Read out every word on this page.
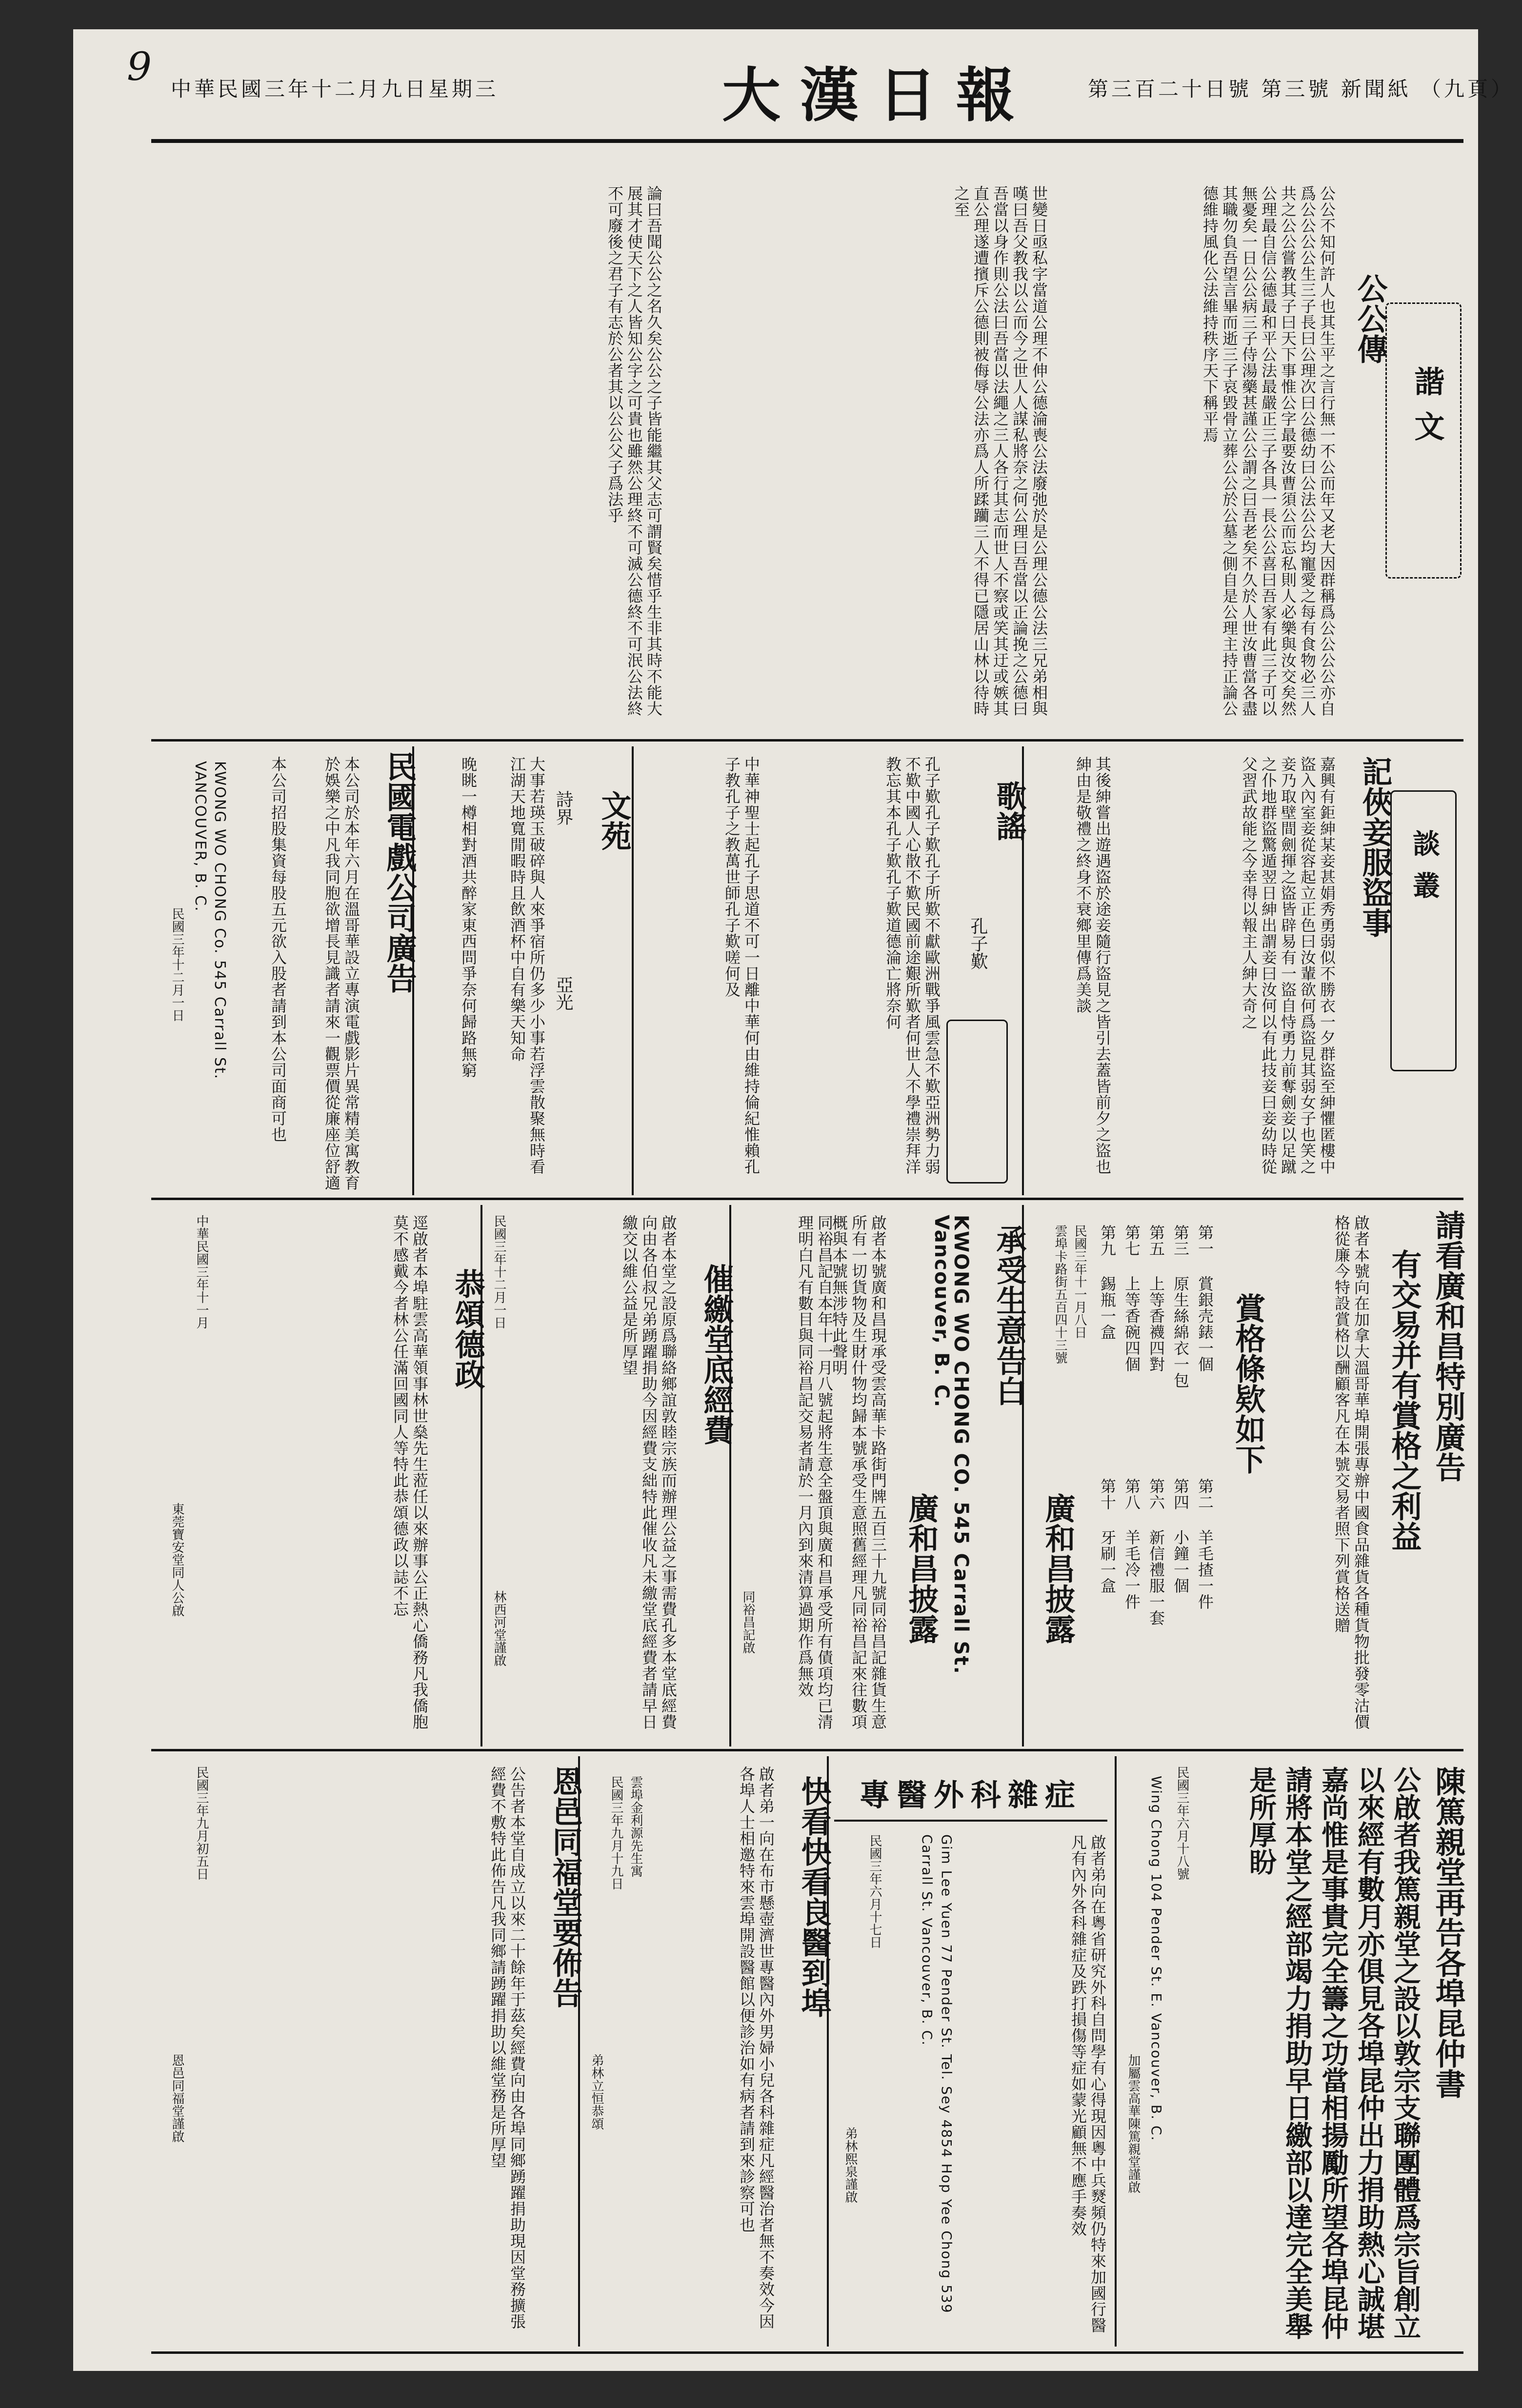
9	大漢日報
中華民國三年十二月九日星期三	第三百二十日號 第三號 新聞紙 （九頁）
諧文
公公傳
公公不知何許人也其生平之言行無一不公而年又老大因群稱爲公公公公亦自爲公公公公生三子長曰公理次曰公德幼曰公法公公均寵愛之每有食物必三人共之公公嘗教其子曰天下事惟公字最要汝曹須公而忘私則人必樂與汝交矣然公理最自信公德最和平公法最嚴正三子各具一長公公喜曰吾家有此三子可以無憂矣一日公公病三子侍湯藥甚謹公公謂之曰吾老矣不久於人世汝曹當各盡其職勿負吾望言畢而逝三子哀毀骨立葬公公於公墓之側自是公理主持正論公德維持風化公法維持秩序天下稱平焉
世變日亟私字當道公理不伸公德淪喪公法廢弛於是公理公德公法三兄弟相與嘆曰吾父教我以公而今之世人人謀私將奈之何公理曰吾當以正論挽之公德曰吾當以身作則公法曰吾當以法繩之三人各行其志而世人不察或笑其迂或嫉其直公理遂遭擯斥公德則被侮辱公法亦爲人所蹂躪三人不得已隱居山林以待時之至
論曰吾聞公公之名久矣公公之子皆能繼其父志可謂賢矣惜乎生非其時不能大展其才使天下之人皆知公字之可貴也雖然公理終不可滅公德終不可泯公法終不可廢後之君子有志於公者其以公公父子爲法乎
談叢
記俠妾服盜事
嘉興有鉅紳某妾甚娟秀勇弱似不勝衣一夕群盜至紳懼匿樓中盜入內室妾從容起立正色曰汝輩欲何爲盜見其弱女子也笑之妾乃取壁間劍揮之盜皆辟易有一盜自恃勇力前奪劍妾以足蹴之仆地群盜驚遁翌日紳出謂妾曰汝何以有此技妾曰妾幼時從父習武故能之今幸得以報主人紳大奇之
其後紳嘗出遊遇盜於途妾隨行盜見之皆引去蓋皆前夕之盜也紳由是敬禮之終身不衰鄉里傳爲美談
歌謠
孔子歎
孔子歎孔子歎孔子所歎不獻歐洲戰爭風雲急不歎亞洲勢力弱不歎中國人心散不歎民國前途艱所歎者何世人不學禮崇拜洋教忘其本孔子歎孔子歎道德淪亡將奈何
中華神聖士起孔子思道不可一日離中華何由維持倫紀惟賴孔子教孔子之教萬世師孔子歎嗟何及
文苑
詩界
亞光
大事若瑛玉破碎與人來爭宿所仍多少小事若浮雲散聚無時看江湖天地寬閒暇時且飲酒杯中自有樂天知命
晚眺一樽相對酒共醉家東西問爭奈何歸路無窮
民國電戲公司廣告
本公司於本年六月在溫哥華設立專演電戲影片異常精美寓教育於娛樂之中凡我同胞欲增長見識者請來一觀票價從廉座位舒適
本公司招股集資每股五元欲入股者請到本公司面商可也
KWONG WO CHONG Co. 545 Carrall St. VANCOUVER, B. C.
民國三年十二月一日
請看廣和昌特別廣告
有交易并有賞格之利益
啟者本號向在加拿大溫哥華埠開張專辦中國食品雜貨各種貨物批發零沽價格從廉今特設賞格以酬顧客凡在本號交易者照下列賞格送贈
賞格條欵如下
第一 賞銀壳錶一個
第二 羊毛揸一件
第三 原生絲綿衣一包
第四 小鐘一個
第五 上等香襪四對
第六 新信禮服一套
第七 上等香碗四個
第八 羊毛冷一件
第九 錫瓶一盒
第十 牙刷一盒
民國三年十一月八日
雲埠卡路街五百四十三號
廣和昌披露
承受生意告白
KWONG WO CHONG CO. 545 Carrall St. Vancouver, B. C.
廣和昌披露
啟者本號廣和昌現承受雲高華卡路街門牌五百三十九號同裕昌記雜貨生意所有一切貨物及生財什物均歸本號承受生意照舊經理凡同裕昌記來往數項概與本號無涉特此聲明
同裕昌記自本年十一月八號起將生意全盤頂與廣和昌承受所有債項均已清理明白凡有數目與同裕昌記交易者請於一月內到來清算過期作爲無效
同裕昌記啟
催繳堂底經費
啟者本堂之設原爲聯絡鄉誼敦睦宗族而辦理公益之事需費孔多本堂底經費向由各伯叔兄弟踴躍捐助今因經費支絀特此催收凡未繳堂底經費者請早日繳交以維公益是所厚望
民國三年十二月一日
林西河堂謹啟
恭頌德政
逕啟者本埠駐雲高華領事林世燊先生蒞任以來辦事公正熱心僑務凡我僑胞莫不感戴今者林公任滿回國同人等特此恭頌德政以誌不忘
中華民國三年十一月
東莞寶安堂同人公啟
陳篤親堂再告各埠昆仲書
公啟者我篤親堂之設以敦宗支聯團體爲宗旨創立以來經有數月亦俱見各埠昆仲出力捐助熱心誠堪嘉尚惟是事貴完全籌之功當相揚勵所望各埠昆仲請將本堂之經部竭力捐助早日繳部以達完全美舉是所厚盼
民國三年六月十八號
Wing Chong 104 Pender St. E. Vancouver, B. C.
加屬雲高華陳篤親堂謹啟
專醫外科雜症
啟者弟向在粵省研究外科自問學有心得現因粵中兵燹頻仍特來加國行醫凡有內外各科雜症及跌打損傷等症如蒙光顧無不應手奏效
Gim Lee Yuen 77 Pender St. Tel. Sey 4854 Hop Yee Chong 539 Carrall St. Vancouver, B. C.
民國三年六月十七日
弟林熙泉謹啟
快看快看良醫到埠
啟者弟一向在布市懸壺濟世專醫內外男婦小兒各科雜症凡經醫治者無不奏效今因各埠人士相邀特來雲埠開設醫館以便診治如有病者請到來診察可也
雲埠金利源先生寓
民國三年九月十九日
弟林立恒恭頌
恩邑同福堂要佈告
公告者本堂自成立以來二十餘年于茲矣經費向由各埠同鄉踴躍捐助現因堂務擴張經費不敷特此佈告凡我同鄉請踴躍捐助以維堂務是所厚望
民國三年九月初五日
恩邑同福堂謹啟
